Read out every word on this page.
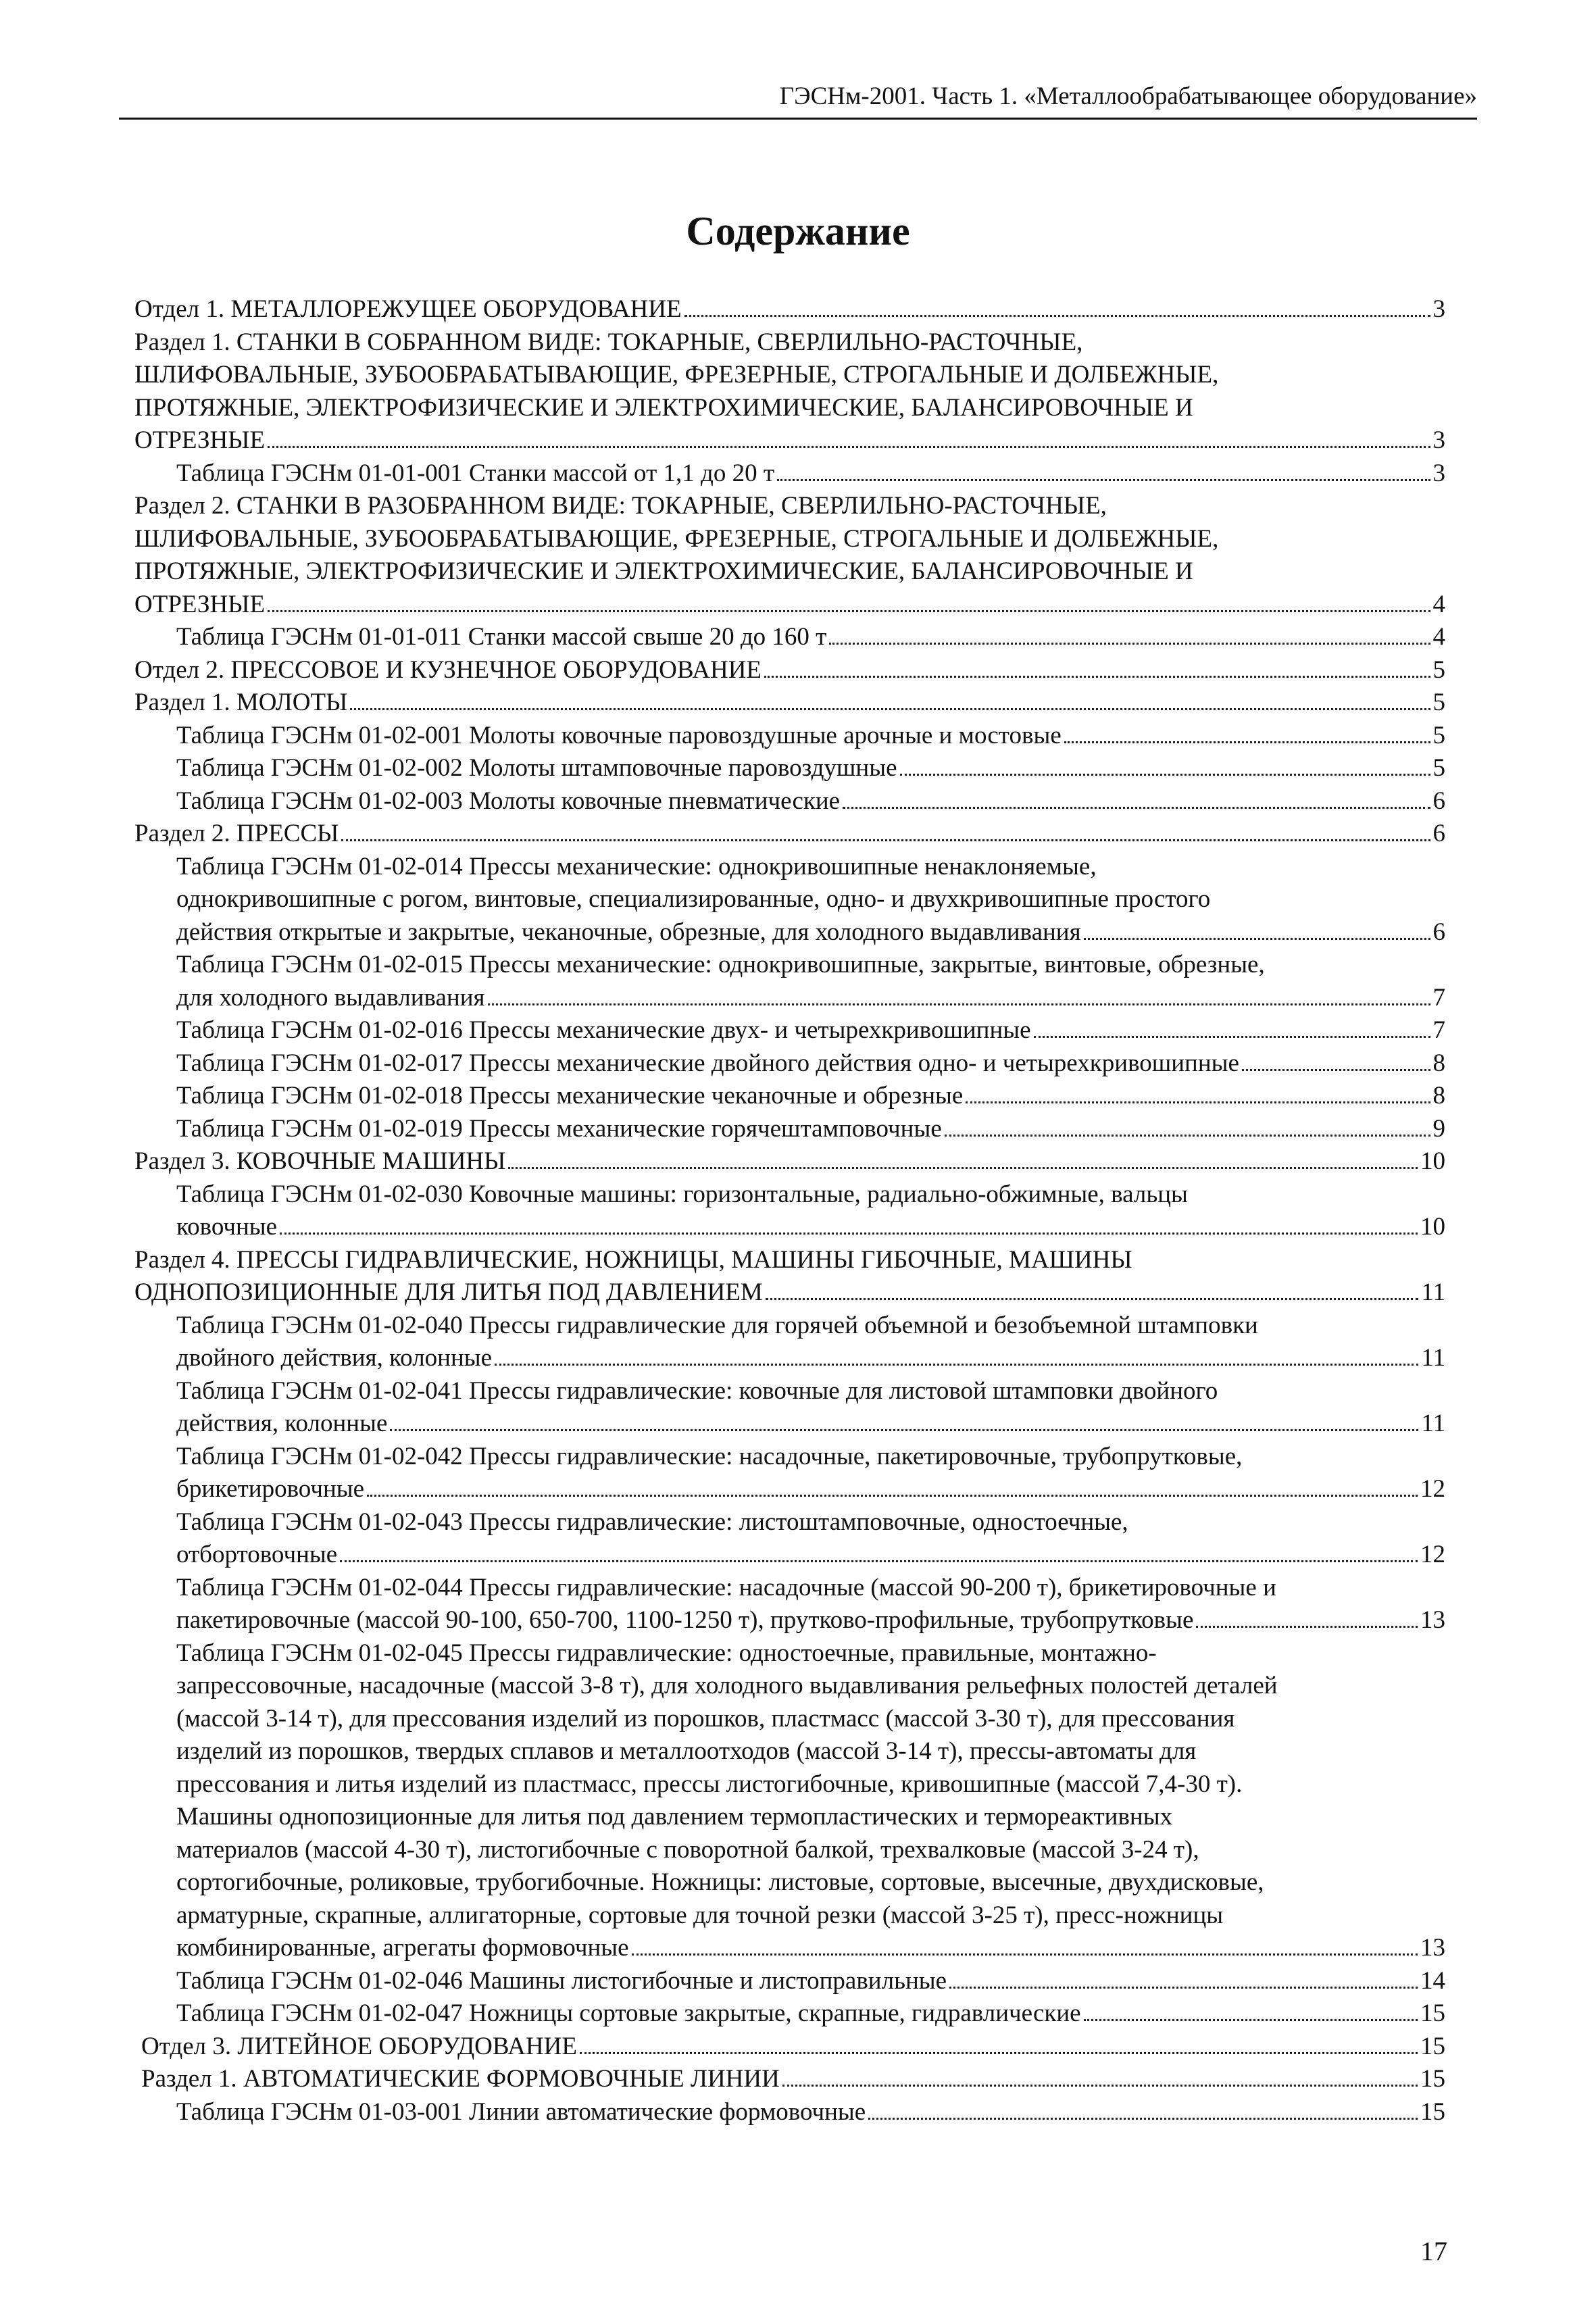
ГЭСНм-2001. Часть 1. «Металлообрабатывающее оборудование»
Содержание
Отдел 1. МЕТАЛЛОРЕЖУЩЕЕ ОБОРУДОВАНИЕ	3
Раздел 1. СТАНКИ В СОБРАННОМ ВИДЕ: ТОКАРНЫЕ, СВЕРЛИЛЬНО-РАСТОЧНЫЕ,
ШЛИФОВАЛЬНЫЕ, ЗУБООБРАБАТЫВАЮЩИЕ, ФРЕЗЕРНЫЕ, СТРОГАЛЬНЫЕ И ДОЛБЕЖНЫЕ,
ПРОТЯЖНЫЕ, ЭЛЕКТРОФИЗИЧЕСКИЕ И ЭЛЕКТРОХИМИЧЕСКИЕ, БАЛАНСИРОВОЧНЫЕ И
ОТРЕЗНЫЕ	3
Таблица ГЭСНм 01-01-001 Станки массой от 1,1 до 20 т	3
Раздел 2. СТАНКИ В РАЗОБРАННОМ ВИДЕ: ТОКАРНЫЕ, СВЕРЛИЛЬНО-РАСТОЧНЫЕ,
ШЛИФОВАЛЬНЫЕ, ЗУБООБРАБАТЫВАЮЩИЕ, ФРЕЗЕРНЫЕ, СТРОГАЛЬНЫЕ И ДОЛБЕЖНЫЕ,
ПРОТЯЖНЫЕ, ЭЛЕКТРОФИЗИЧЕСКИЕ И ЭЛЕКТРОХИМИЧЕСКИЕ, БАЛАНСИРОВОЧНЫЕ И
ОТРЕЗНЫЕ	4
Таблица ГЭСНм 01-01-011 Станки массой свыше 20 до 160 т	4
Отдел 2. ПРЕССОВОЕ И КУЗНЕЧНОЕ ОБОРУДОВАНИЕ	5
Раздел 1. МОЛОТЫ	5
Таблица ГЭСНм 01-02-001 Молоты ковочные паровоздушные арочные и мостовые	5
Таблица ГЭСНм 01-02-002 Молоты штамповочные паровоздушные	5
Таблица ГЭСНм 01-02-003 Молоты ковочные пневматические	6
Раздел 2. ПРЕССЫ	6
Таблица ГЭСНм 01-02-014 Прессы механические: однокривошипные ненаклоняемые,
однокривошипные с рогом, винтовые, специализированные, одно- и двухкривошипные простого
действия открытые и закрытые, чеканочные, обрезные, для холодного выдавливания	6
Таблица ГЭСНм 01-02-015 Прессы механические: однокривошипные, закрытые, винтовые, обрезные,
для холодного выдавливания	7
Таблица ГЭСНм 01-02-016 Прессы механические двух- и четырехкривошипные	7
Таблица ГЭСНм 01-02-017 Прессы механические двойного действия одно- и четырехкривошипные	8
Таблица ГЭСНм 01-02-018 Прессы механические чеканочные и обрезные	8
Таблица ГЭСНм 01-02-019 Прессы механические горячештамповочные	9
Раздел 3. КОВОЧНЫЕ МАШИНЫ	10
Таблица ГЭСНм 01-02-030 Ковочные машины: горизонтальные, радиально-обжимные, вальцы
ковочные	10
Раздел 4. ПРЕССЫ ГИДРАВЛИЧЕСКИЕ, НОЖНИЦЫ, МАШИНЫ ГИБОЧНЫЕ, МАШИНЫ
ОДНОПОЗИЦИОННЫЕ ДЛЯ ЛИТЬЯ ПОД ДАВЛЕНИЕМ	11
Таблица ГЭСНм 01-02-040 Прессы гидравлические для горячей объемной и безобъемной штамповки
двойного действия, колонные	11
Таблица ГЭСНм 01-02-041 Прессы гидравлические: ковочные для листовой штамповки двойного
действия, колонные	11
Таблица ГЭСНм 01-02-042 Прессы гидравлические: насадочные, пакетировочные, трубопрутковые,
брикетировочные	12
Таблица ГЭСНм 01-02-043 Прессы гидравлические: листоштамповочные, одностоечные,
отбортовочные	12
Таблица ГЭСНм 01-02-044 Прессы гидравлические: насадочные (массой 90-200 т), брикетировочные и
пакетировочные (массой 90-100, 650-700, 1100-1250 т), прутково-профильные, трубопрутковые	13
Таблица ГЭСНм 01-02-045 Прессы гидравлические: одностоечные, правильные, монтажно-
запрессовочные, насадочные (массой 3-8 т), для холодного выдавливания рельефных полостей деталей
(массой 3-14 т), для прессования изделий из порошков, пластмасс (массой 3-30 т), для прессования
изделий из порошков, твердых сплавов и металлоотходов (массой 3-14 т), прессы-автоматы для
прессования и литья изделий из пластмасс, прессы листогибочные, кривошипные (массой 7,4-30 т).
Машины однопозиционные для литья под давлением термопластических и термореактивных
материалов (массой 4-30 т), листогибочные с поворотной балкой, трехвалковые (массой 3-24 т),
сортогибочные, роликовые, трубогибочные. Ножницы: листовые, сортовые, высечные, двухдисковые,
арматурные, скрапные, аллигаторные, сортовые для точной резки (массой 3-25 т), пресс-ножницы
комбинированные, агрегаты формовочные	13
Таблица ГЭСНм 01-02-046 Машины листогибочные и листоправильные	14
Таблица ГЭСНм 01-02-047 Ножницы сортовые закрытые, скрапные, гидравлические	15
Отдел 3. ЛИТЕЙНОЕ ОБОРУДОВАНИЕ	15
Раздел 1. АВТОМАТИЧЕСКИЕ ФОРМОВОЧНЫЕ ЛИНИИ	15
Таблица ГЭСНм 01-03-001 Линии автоматические формовочные	15
17
